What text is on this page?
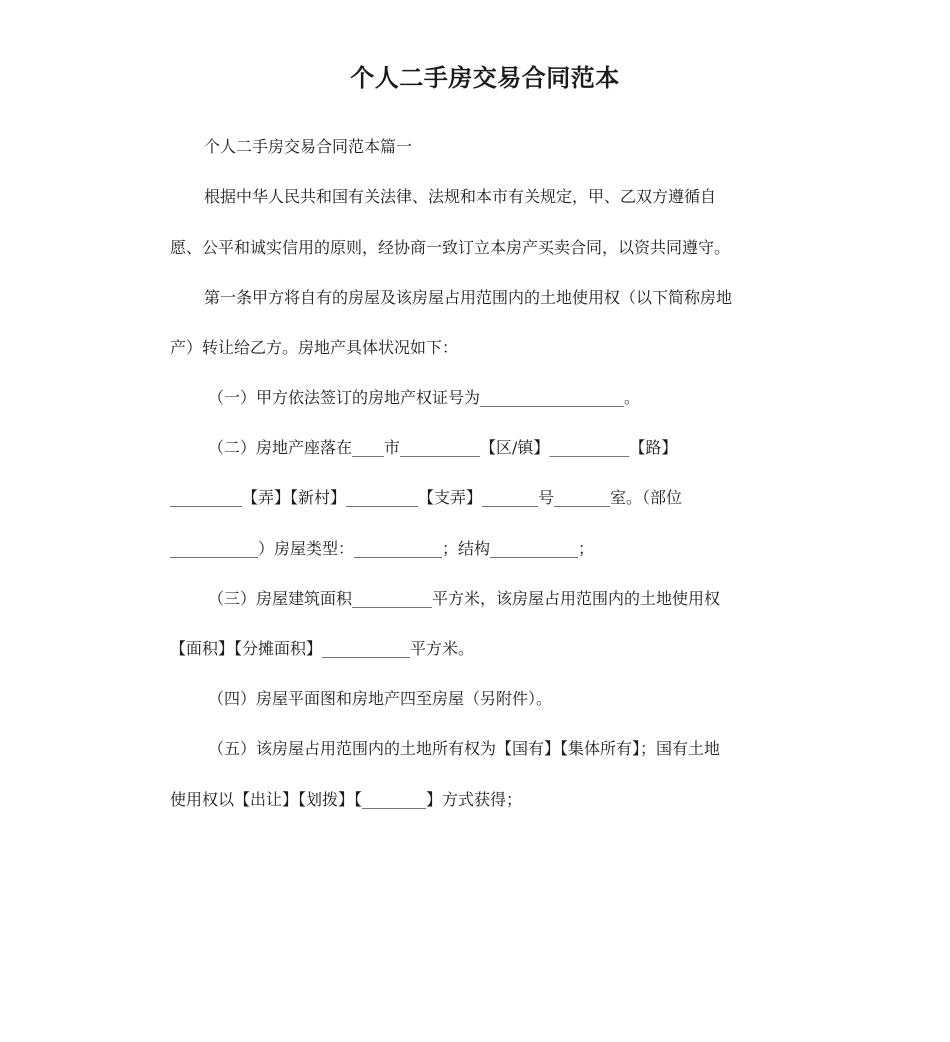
个人二手房交易合同范本

个人二手房交易合同范本篇一

根据中华人民共和国有关法律、法规和本市有关规定，甲、乙双方遵循自

愿、公平和诚实信用的原则，经协商一致订立本房产买卖合同，以资共同遵守。

第一条甲方将自有的房屋及该房屋占用范围内的土地使用权（以下简称房地

产）转让给乙方。房地产具体状况如下：

（一）甲方依法签订的房地产权证号为__________________。

（二）房地产座落在____市__________【区/镇】__________【路】

_________【弄】【新村】_________【支弄】_______号_______室。（部位

___________）房屋类型：___________；结构___________；

（三）房屋建筑面积__________平方米，该房屋占用范围内的土地使用权

【面积】【分摊面积】___________平方米。

（四）房屋平面图和房地产四至房屋（另附件）。

（五）该房屋占用范围内的土地所有权为【国有】【集体所有】；国有土地

使用权以【出让】【划拨】【________】方式获得；
